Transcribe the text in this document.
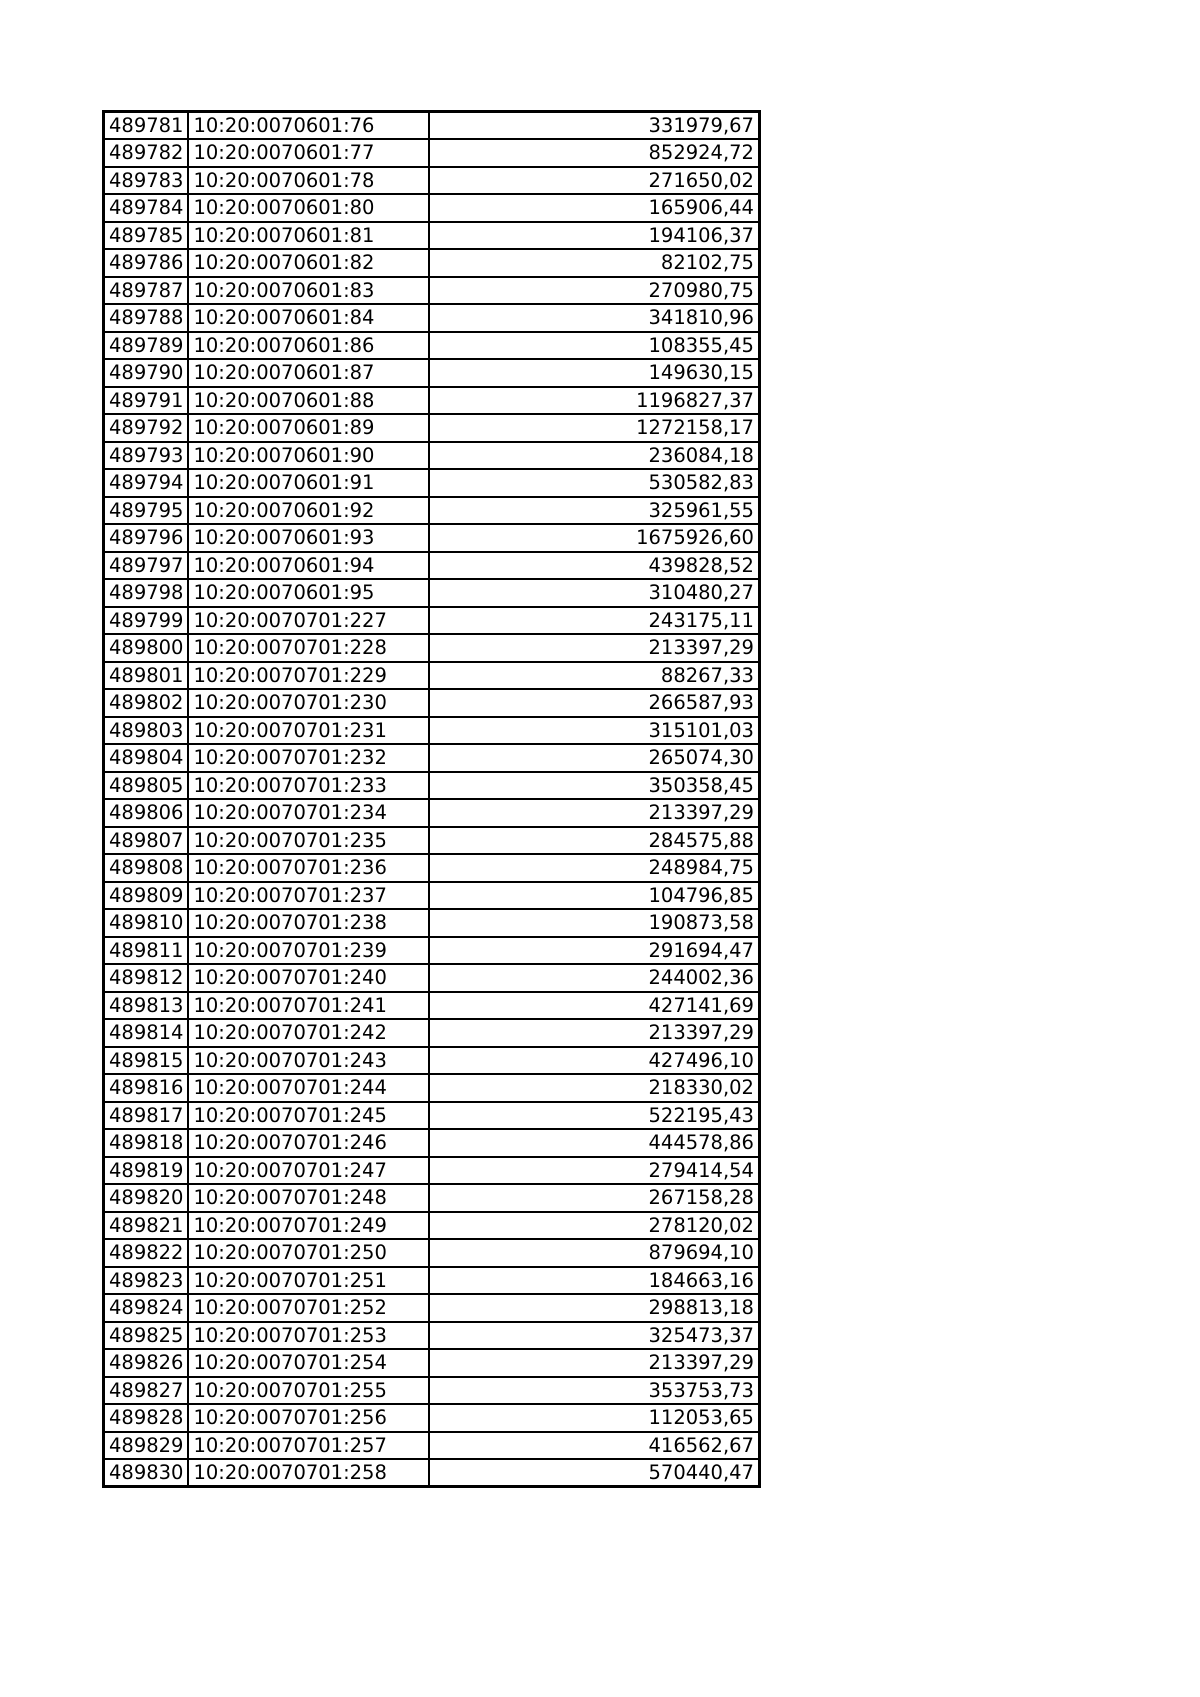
489781	10:20:0070601:76	331979,67
489782	10:20:0070601:77	852924,72
489783	10:20:0070601:78	271650,02
489784	10:20:0070601:80	165906,44
489785	10:20:0070601:81	194106,37
489786	10:20:0070601:82	82102,75
489787	10:20:0070601:83	270980,75
489788	10:20:0070601:84	341810,96
489789	10:20:0070601:86	108355,45
489790	10:20:0070601:87	149630,15
489791	10:20:0070601:88	1196827,37
489792	10:20:0070601:89	1272158,17
489793	10:20:0070601:90	236084,18
489794	10:20:0070601:91	530582,83
489795	10:20:0070601:92	325961,55
489796	10:20:0070601:93	1675926,60
489797	10:20:0070601:94	439828,52
489798	10:20:0070601:95	310480,27
489799	10:20:0070701:227	243175,11
489800	10:20:0070701:228	213397,29
489801	10:20:0070701:229	88267,33
489802	10:20:0070701:230	266587,93
489803	10:20:0070701:231	315101,03
489804	10:20:0070701:232	265074,30
489805	10:20:0070701:233	350358,45
489806	10:20:0070701:234	213397,29
489807	10:20:0070701:235	284575,88
489808	10:20:0070701:236	248984,75
489809	10:20:0070701:237	104796,85
489810	10:20:0070701:238	190873,58
489811	10:20:0070701:239	291694,47
489812	10:20:0070701:240	244002,36
489813	10:20:0070701:241	427141,69
489814	10:20:0070701:242	213397,29
489815	10:20:0070701:243	427496,10
489816	10:20:0070701:244	218330,02
489817	10:20:0070701:245	522195,43
489818	10:20:0070701:246	444578,86
489819	10:20:0070701:247	279414,54
489820	10:20:0070701:248	267158,28
489821	10:20:0070701:249	278120,02
489822	10:20:0070701:250	879694,10
489823	10:20:0070701:251	184663,16
489824	10:20:0070701:252	298813,18
489825	10:20:0070701:253	325473,37
489826	10:20:0070701:254	213397,29
489827	10:20:0070701:255	353753,73
489828	10:20:0070701:256	112053,65
489829	10:20:0070701:257	416562,67
489830	10:20:0070701:258	570440,47
